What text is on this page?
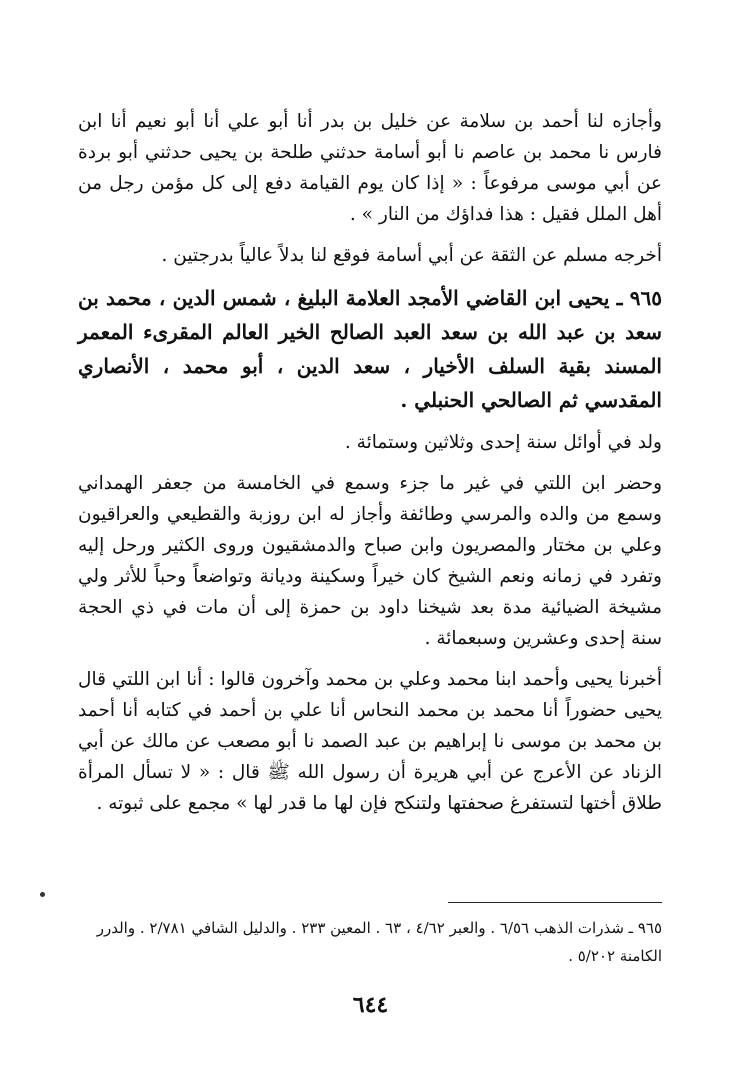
وأجازه لنا أحمد بن سلامة عن خليل بن بدر أنا أبو علي أنا أبو نعيم أنا ابن فارس نا محمد بن عاصم نا أبو أسامة حدثني طلحة بن يحيى حدثني أبو بردة عن أبي موسى مرفوعاً : « إذا كان يوم القيامة دفع إلى كل مؤمن رجل من أهل الملل فقيل : هذا فداؤك من النار » .

أخرجه مسلم عن الثقة عن أبي أسامة فوقع لنا بدلاً عالياً بدرجتين .

٩٦٥ ـ يحيى ابن القاضي الأمجد العلامة البليغ ، شمس الدين ، محمد بن سعد بن عبد الله بن سعد العبد الصالح الخير العالم المقرىء المعمر المسند بقية السلف الأخيار ، سعد الدين ، أبو محمد ، الأنصاري المقدسي ثم الصالحي الحنبلي .

ولد في أوائل سنة إحدى وثلاثين وستمائة .

وحضر ابن اللتي في غير ما جزء وسمع في الخامسة من جعفر الهمداني وسمع من والده والمرسي وطائفة وأجاز له ابن روزبة والقطيعي والعراقيون وعلي بن مختار والمصريون وابن صباح والدمشقيون وروى الكثير ورحل إليه وتفرد في زمانه ونعم الشيخ كان خيراً وسكينة وديانة وتواضعاً وحباً للأثر ولي مشيخة الضيائية مدة بعد شيخنا داود بن حمزة إلى أن مات في ذي الحجة سنة إحدى وعشرين وسبعمائة .

أخبرنا يحيى وأحمد ابنا محمد وعلي بن محمد وآخرون قالوا : أنا ابن اللتي قال يحيى حضوراً أنا محمد بن محمد النحاس أنا علي بن أحمد في كتابه أنا أحمد بن محمد بن موسى نا إبراهيم بن عبد الصمد نا أبو مصعب عن مالك عن أبي الزناد عن الأعرج عن أبي هريرة أن رسول الله ﷺ قال : « لا تسأل المرأة طلاق أختها لتستفرغ صحفتها ولتنكح فإن لها ما قدر لها » مجمع على ثبوته .

٩٦٥ ـ شذرات الذهب ٦/٥٦ . والعبر ٤/٦٢ ، ٦٣ . المعين ٢٣٣ . والدليل الشافي ٢/٧٨١ . والدرر الكامنة ٥/٢٠٢ .
٦٤٤
